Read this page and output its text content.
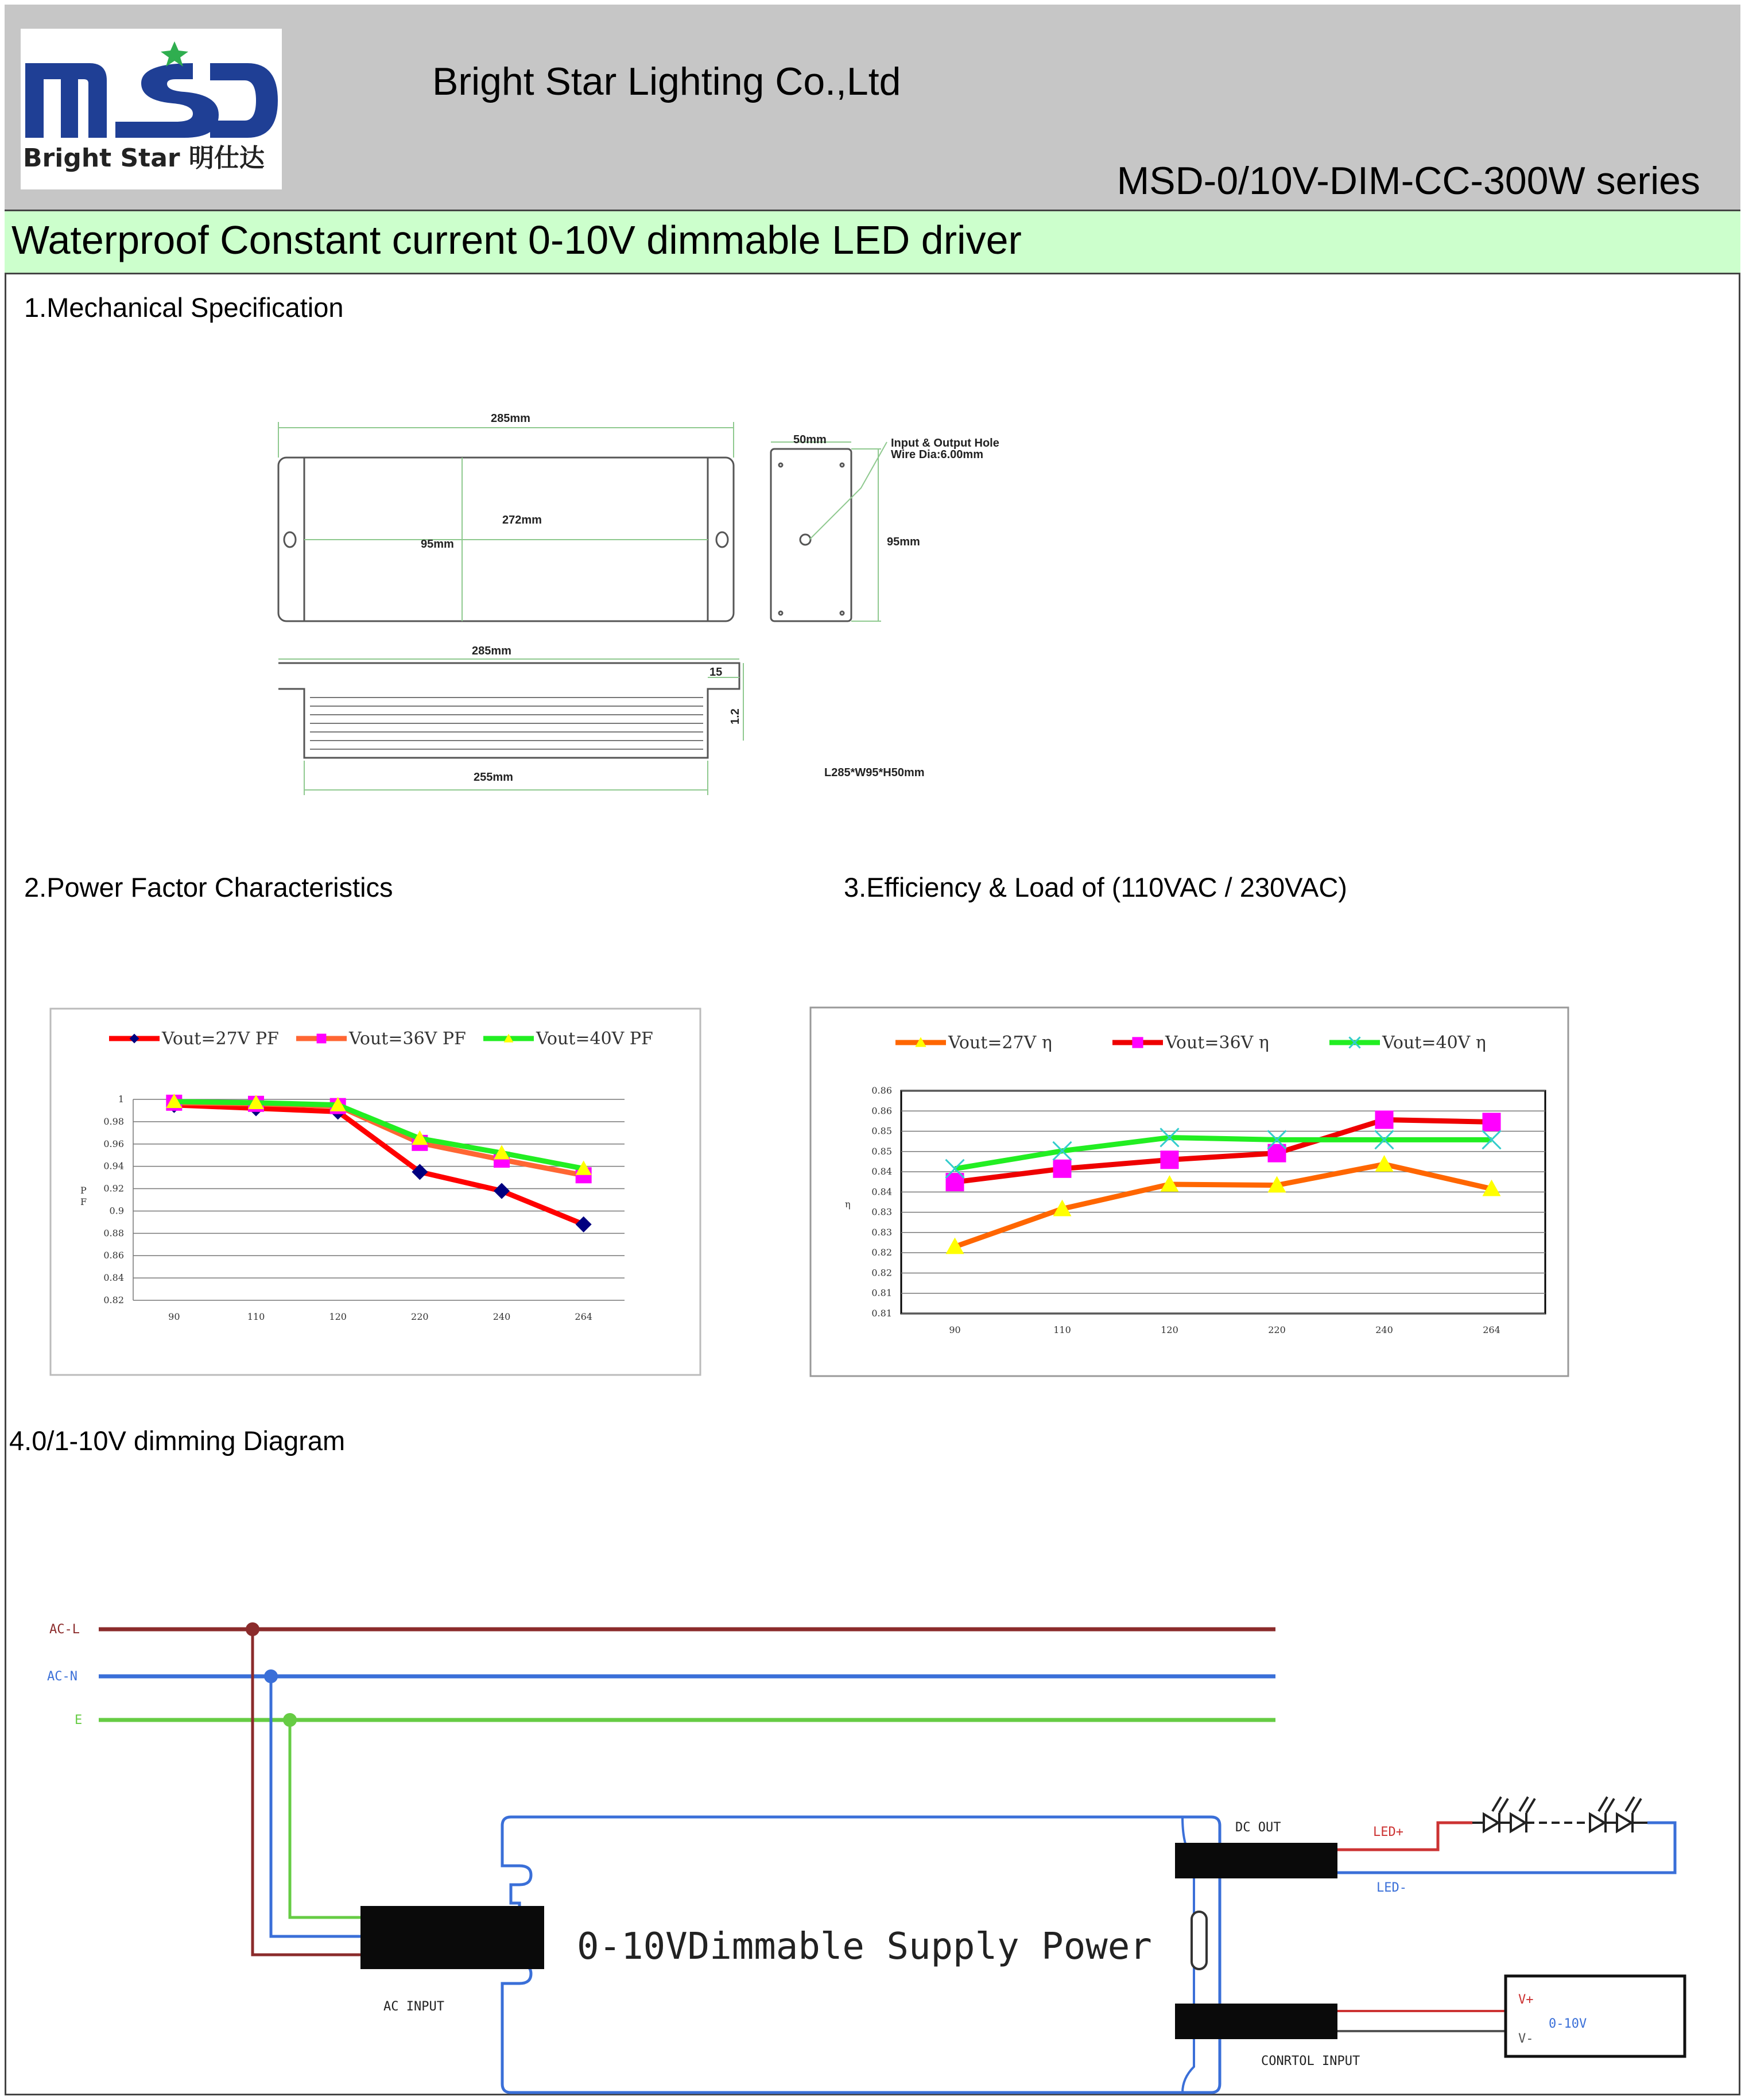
Bright Star 明仕达
Bright Star Lighting Co.,Ltd
MSD-0/10V-DIM-CC-300W series
Waterproof Constant current 0-10V dimmable LED driver
1.Mechanical Specification
2.Power Factor Characteristics	3.Efficiency & Load of (110VAC / 230VAC)
4.0/1-10V dimming Diagram
285mm
272mm
95mm
50mm
95mm
Input & Output Hole
Wire Dia:6.00mm
285mm
15
1.2
255mm	L285*W95*H50mm
1
0.98
0.96
0.94
0.92
0.9
0.88
0.86
0.84
0.82
90	110	120	220	240	264
Vout=27V PF	Vout=36V PF	Vout=40V PF
P
F
0.86
0.86
0.85
0.85
0.84
0.84
0.83
0.83
0.82
0.82
0.81
0.81
90	110	120	220	240	264
Vout=27V η	Vout=36V η	Vout=40V η
η
AC-L
AC-N
E
0-10VDimmable Supply Power
AC INPUT
DC OUT
CONRTOL INPUT
LED+
LED-
V+
V-
0-10V
